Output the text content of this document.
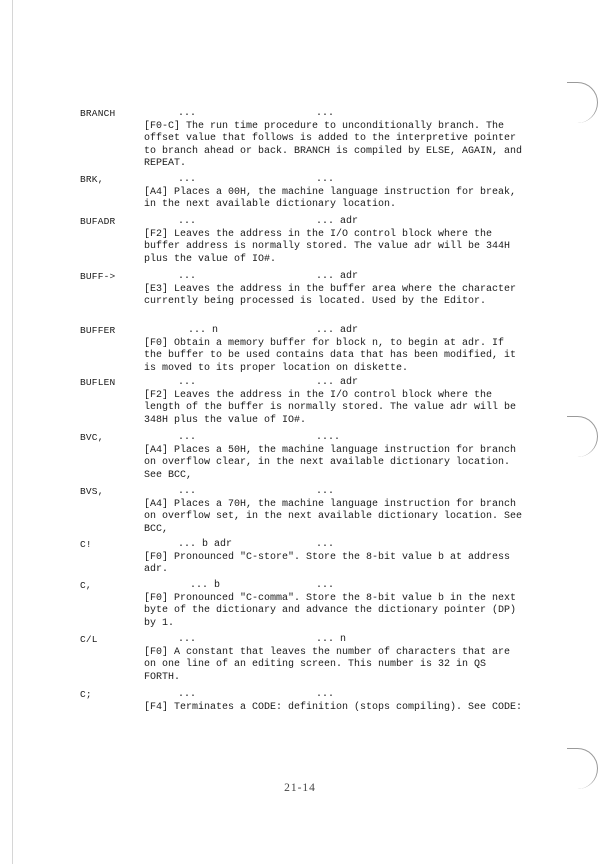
BRANCH	...	...
[F0-C] The run time procedure to unconditionally branch. The offset value that follows is added to the interpretive pointer to branch ahead or back. BRANCH is compiled by ELSE, AGAIN, and REPEAT.
BRK,	...	...
[A4] Places a 00H, the machine language instruction for break, in the next available dictionary location.
BUFADR	...	... adr
[F2] Leaves the address in the I/O control block where the buffer address is normally stored. The value adr will be 344H plus the value of IO#.
BUFF->	...	... adr
[E3] Leaves the address in the buffer area where the character currently being processed is located. Used by the Editor.
BUFFER	... n	... adr
[F0] Obtain a memory buffer for block n, to begin at adr. If the buffer to be used contains data that has been modified, it is moved to its proper location on diskette.
BUFLEN	...	... adr
[F2] Leaves the address in the I/O control block where the length of the buffer is normally stored. The value adr will be 348H plus the value of IO#.
BVC,	...	....
[A4] Places a 50H, the machine language instruction for branch on overflow clear, in the next available dictionary location. See BCC,
BVS,	...	...
[A4] Places a 70H, the machine language instruction for branch on overflow set, in the next available dictionary location. See BCC,
C!	... b adr	...
[F0] Pronounced "C-store". Store the 8-bit value b at address adr.
C,	... b	...
[F0] Pronounced "C-comma". Store the 8-bit value b in the next byte of the dictionary and advance the dictionary pointer (DP) by 1.
C/L	...	... n
[F0] A constant that leaves the number of characters that are on one line of an editing screen. This number is 32 in QS FORTH.
C;	...	...
[F4] Terminates a CODE: definition (stops compiling). See CODE:
21-14
